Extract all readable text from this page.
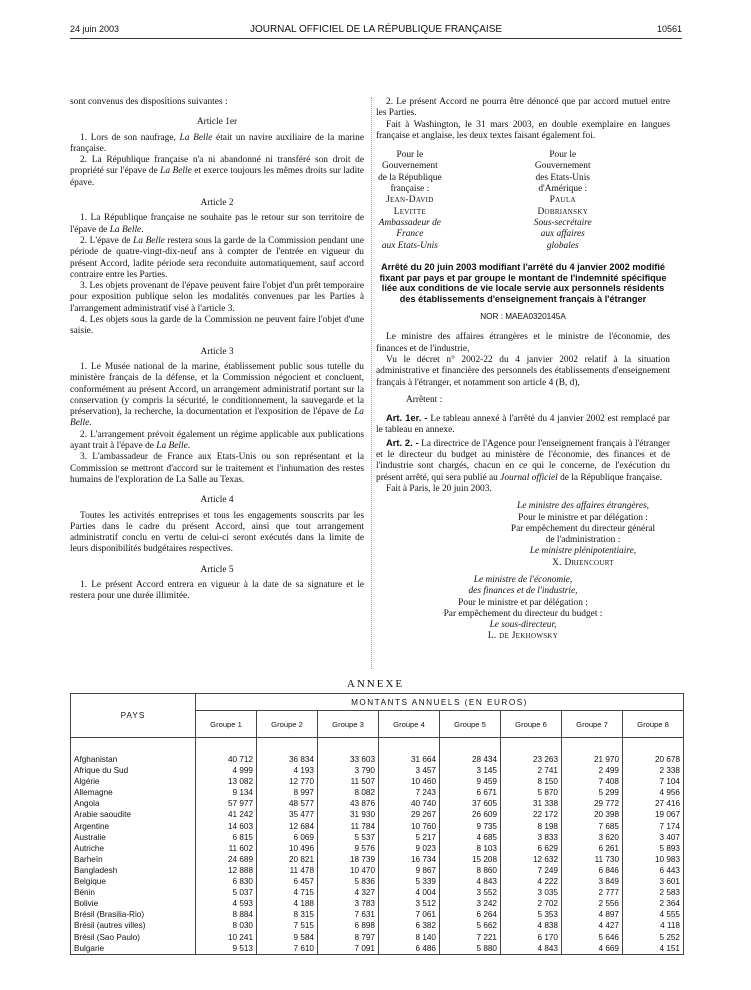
24 juin 2003	JOURNAL OFFICIEL DE LA RÉPUBLIQUE FRANÇAISE	10561

sont convenus des dispositions suivantes :

Article 1er

1. Lors de son naufrage, La Belle était un navire auxiliaire de la marine française.

2. La République française n'a ni abandonné ni transféré son droit de propriété sur l'épave de La Belle et exerce toujours les mêmes droits sur ladite épave.

Article 2

1. La République française ne souhaite pas le retour sur son territoire de l'épave de La Belle.

2. L'épave de La Belle restera sous la garde de la Commission pendant une période de quatre-vingt-dix-neuf ans à compter de l'entrée en vigueur du présent Accord, ladite période sera reconduite automatiquement, sauf accord contraire entre les Parties.

3. Les objets provenant de l'épave peuvent faire l'objet d'un prêt temporaire pour exposition publique selon les modalités convenues par les Parties à l'arrangement administratif visé à l'article 3.

4. Les objets sous la garde de la Commission ne peuvent faire l'objet d'une saisie.

Article 3

1. Le Musée national de la marine, établissement public sous tutelle du ministère français de la défense, et la Commission négocient et concluent, conformément au présent Accord, un arrangement administratif portant sur la conservation (y compris la sécurité, le conditionnement, la sauvegarde et la préservation), la recherche, la documentation et l'exposition de l'épave de La Belle.

2. L'arrangement prévoit également un régime applicable aux publications ayant trait à l'épave de La Belle.

3. L'ambassadeur de France aux Etats-Unis ou son représentant et la Commission se mettront d'accord sur le traitement et l'inhumation des restes humains de l'exploration de La Salle au Texas.

Article 4

Toutes les activités entreprises et tous les engagements souscrits par les Parties dans le cadre du présent Accord, ainsi que tout arrangement administratif conclu en vertu de celui-ci seront exécutés dans la limite de leurs disponibilités budgétaires respectives.

Article 5

1. Le présent Accord entrera en vigueur à la date de sa signature et le restera pour une durée illimitée.

2. Le présent Accord ne pourra être dénoncé que par accord mutuel entre les Parties.

Fait à Washington, le 31 mars 2003, en double exemplaire en langues française et anglaise, les deux textes faisant également foi.

Pour le Gouvernement
de la République française :
Jean-David Levitte
Ambassadeur de France
aux Etats-Unis
Pour le Gouvernement
des Etats-Unis d'Amérique :
Paula Dobriansky
Sous-secrétaire
aux affaires globales
Arrêté du 20 juin 2003 modifiant l'arrêté du 4 janvier 2002 modifié fixant par pays et par groupe le montant de l'indemnité spécifique liée aux conditions de vie locale servie aux personnels résidents des établissements d'enseignement français à l'étranger
NOR : MAEA0320145A

Le ministre des affaires étrangères et le ministre de l'économie, des finances et de l'industrie,

Vu le décret n° 2002-22 du 4 janvier 2002 relatif à la situation administrative et financière des personnels des établissements d'enseignement français à l'étranger, et notamment son article 4 (B, d),

Arrêtent :

Art. 1er. - Le tableau annexé à l'arrêté du 4 janvier 2002 est remplacé par le tableau en annexe.

Art. 2. - La directrice de l'Agence pour l'enseignement français à l'étranger et le directeur du budget au ministère de l'économie, des finances et de l'industrie sont chargés, chacun en ce qui le concerne, de l'exécution du présent arrêté, qui sera publié au Journal officiel de la République française.

Fait à Paris, le 20 juin 2003.

Le ministre des affaires étrangères,
Pour le ministre et par délégation :
Par empêchement du directeur général
de l'administration :
Le ministre plénipotentiaire,
X. Driencourt
Le ministre de l'économie,
des finances et de l'industrie,
Pour le ministre et par délégation :
Par empêchement du directeur du budget :
Le sous-directeur,
L. de Jekhowsky
ANNEXE
PAYS	MONTANTS ANNUELS (EN EUROS)							
	Groupe 1	Groupe 2	Groupe 3	Groupe 4	Groupe 5	Groupe 6	Groupe 7	Groupe 8

Afghanistan	40 712	36 834	33 603	31 664	28 434	23 263	21 970	20 678
Afrique du Sud	4 999	4 193	3 790	3 457	3 145	2 741	2 499	2 338
Algérie	13 082	12 770	11 507	10 460	9 459	8 150	7 408	7 104
Allemagne	9 134	8 997	8 082	7 243	6 671	5 870	5 299	4 956
Angola	57 977	48 577	43 876	40 740	37 605	31 338	29 772	27 416
Arabie saoudite	41 242	35 477	31 930	29 267	26 609	22 172	20 398	19 067
Argentine	14 603	12 684	11 784	10 760	9 735	8 198	7 685	7 174
Australie	6 815	6 069	5 537	5 217	4 685	3 833	3 620	3 407
Autriche	11 602	10 496	9 576	9 023	8 103	6 629	6 261	5 893
Barheïn	24 689	20 821	18 739	16 734	15 208	12 632	11 730	10 983
Bangladesh	12 888	11 478	10 470	9 867	8 860	7 249	6 846	6 443
Belgique	6 830	6 457	5 836	5 339	4 843	4 222	3 849	3 601
Bénin	5 037	4 715	4 327	4 004	3 552	3 035	2 777	2 583
Bolivie	4 593	4 188	3 783	3 512	3 242	2 702	2 556	2 364
Brésil (Brasilia-Rio)	8 884	8 315	7 631	7 061	6 264	5 353	4 897	4 555
Brésil (autres villes)	8 030	7 515	6 898	6 382	5 662	4 838	4 427	4 118
Brésil (Sao Paulo)	10 241	9 584	8 797	8 140	7 221	6 170	5 646	5 252
Bulgarie	9 513	7 610	7 091	6 486	5 880	4 843	4 669	4 151
